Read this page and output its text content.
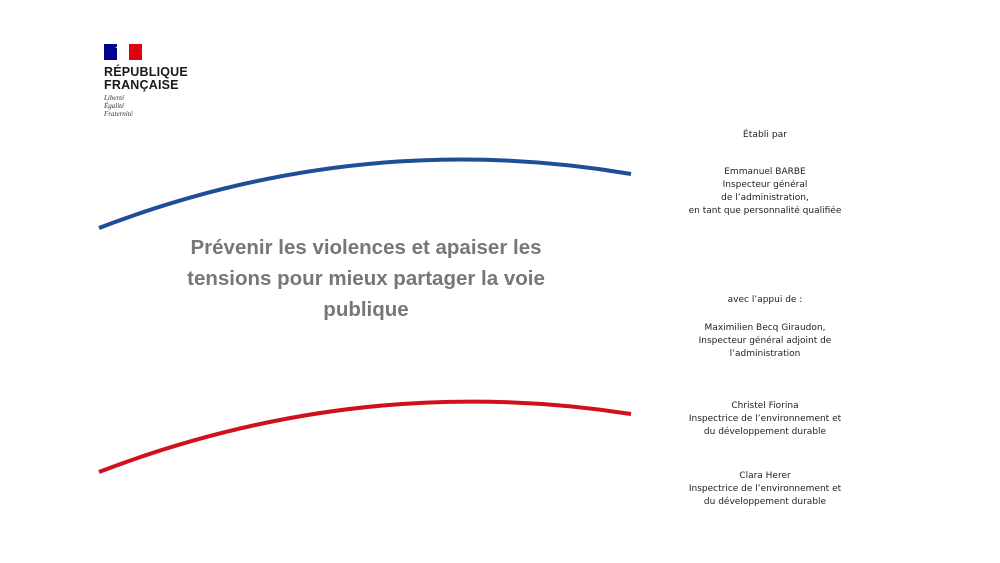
RÉPUBLIQUE
FRANÇAISE
Liberté
Égalité
Fraternité
Prévenir les violences et apaiser les tensions pour mieux partager la voie publique
Établi par
Emmanuel BARBE
Inspecteur général
de l’administration,
en tant que personnalité qualifiée
avec l’appui de :
Maximilien Becq Giraudon,
Inspecteur général adjoint de
l’administration
Christel Fiorina
Inspectrice de l’environnement et
du développement durable
Clara Herer
Inspectrice de l’environnement et
du développement durable
